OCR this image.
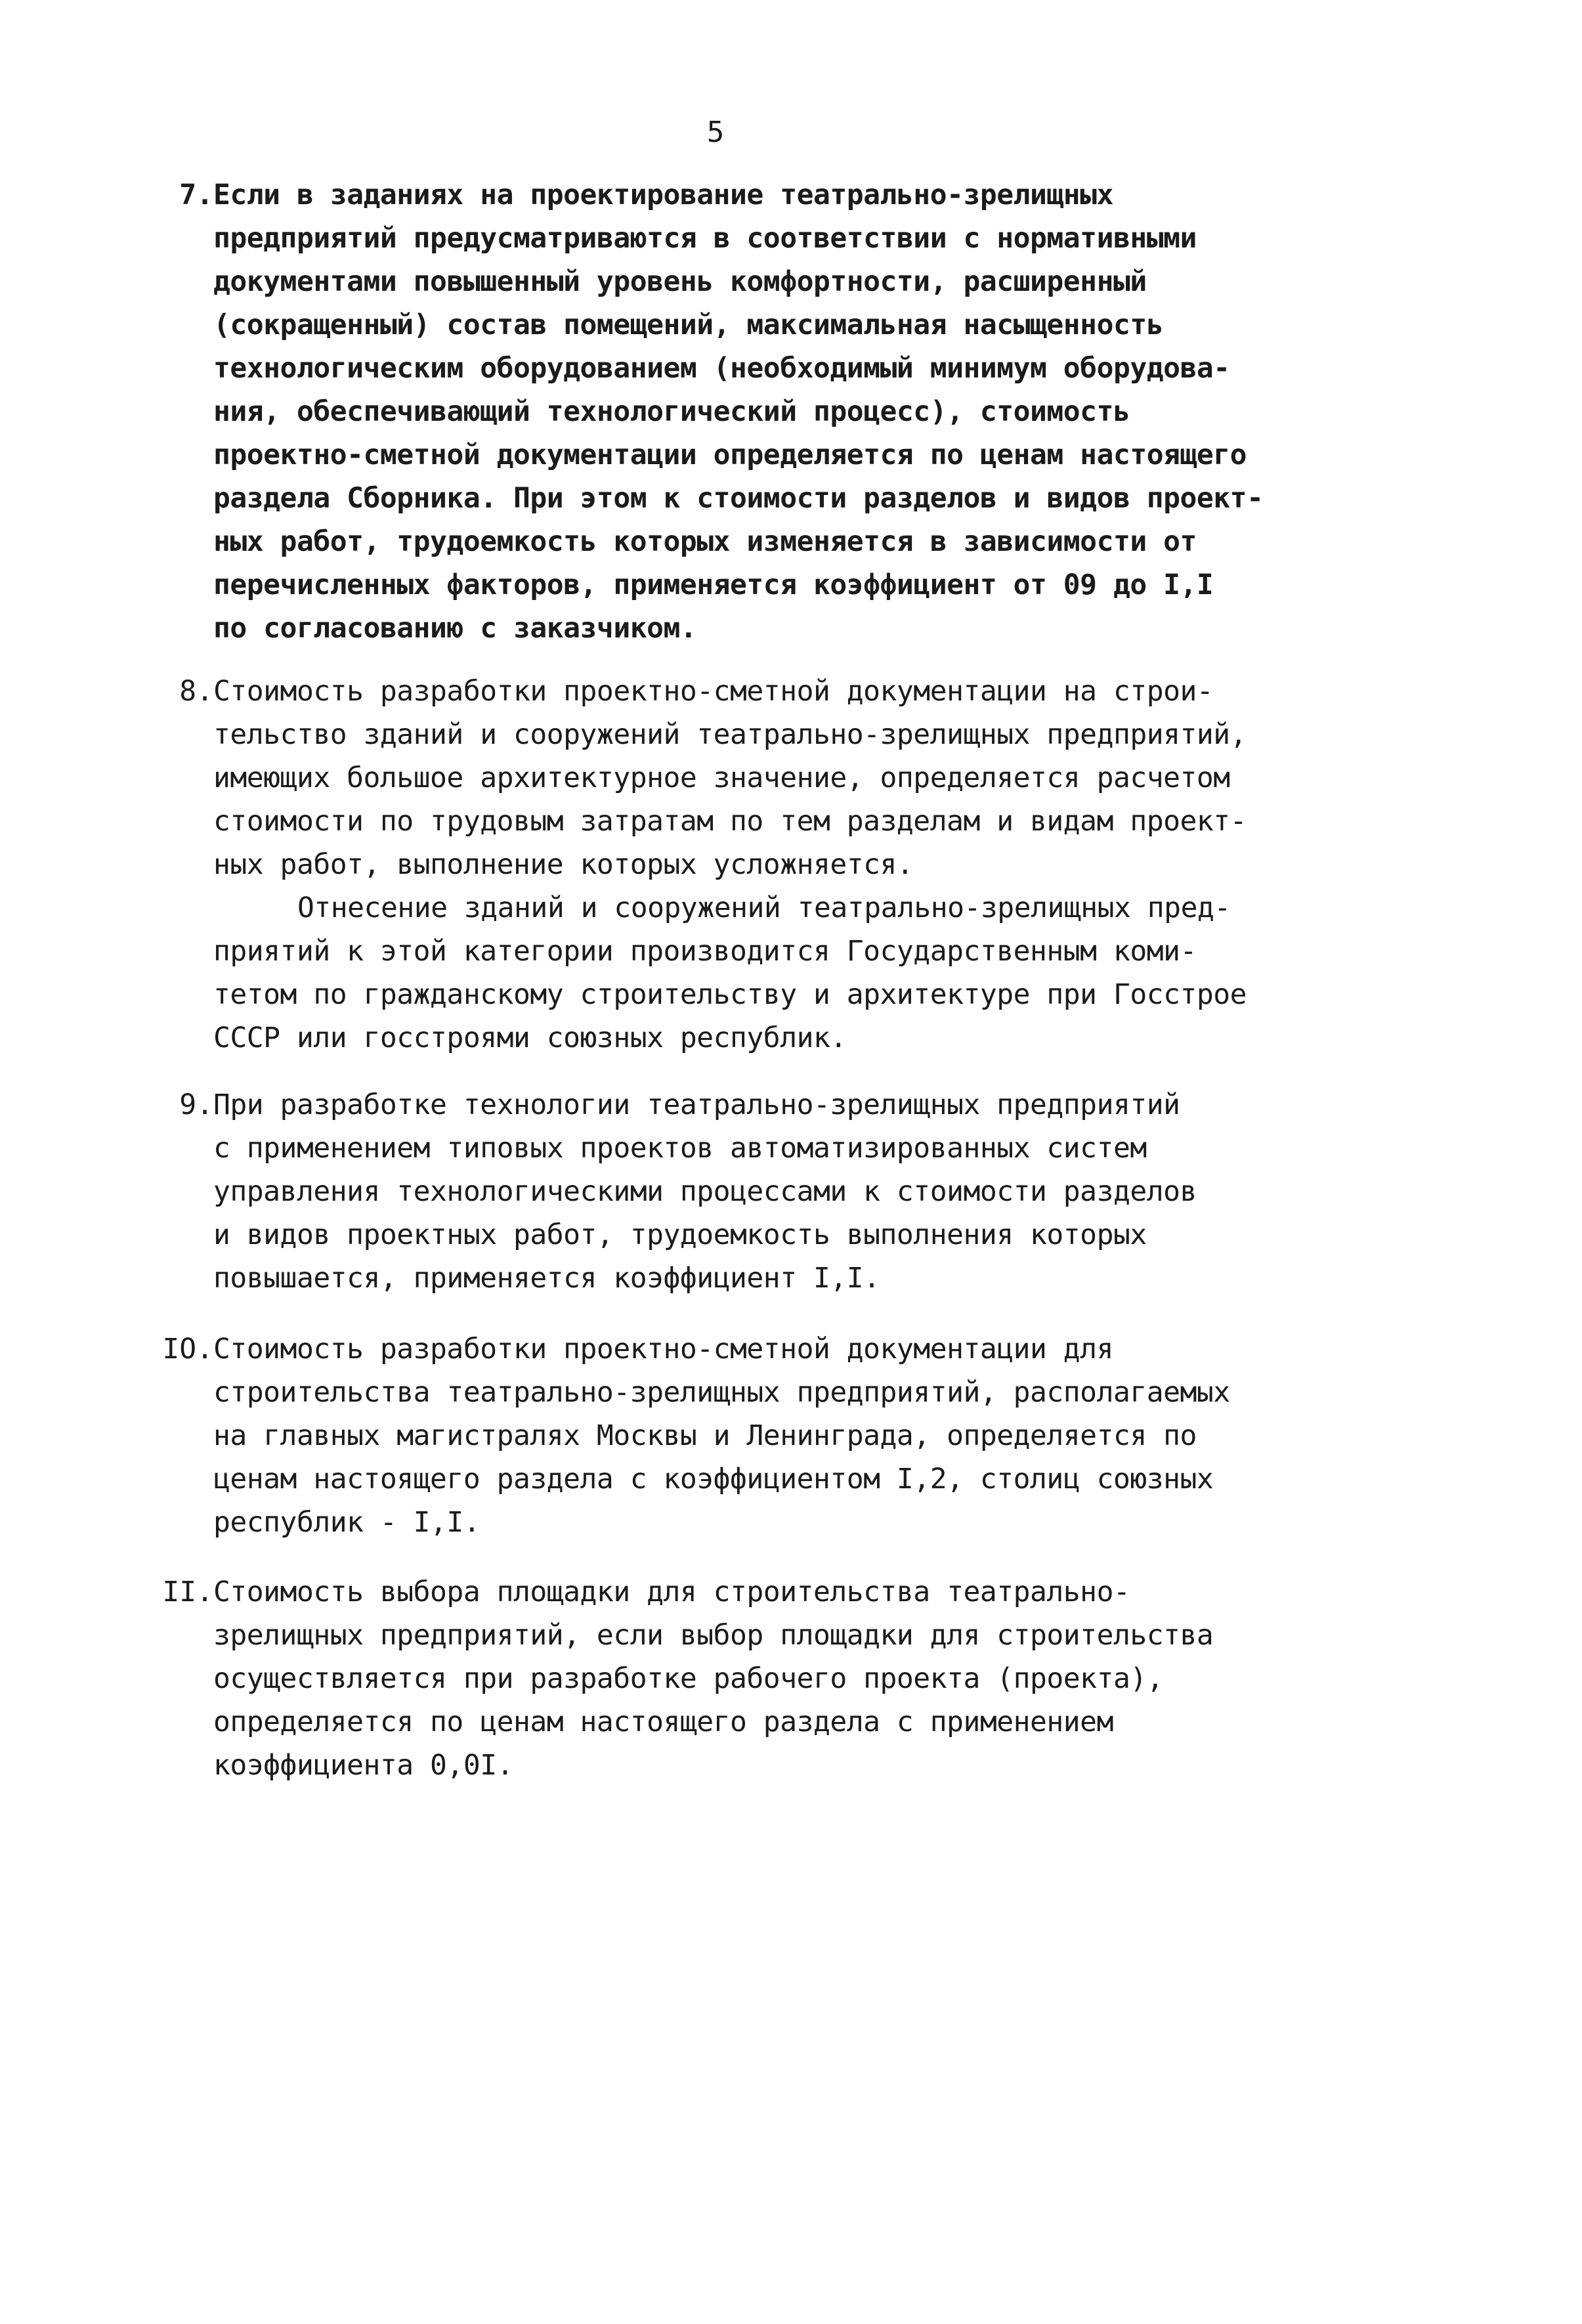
5
7. Если в заданиях на проектирование театрально-зрелищных
предприятий предусматриваются в соответствии с нормативными
документами повышенный уровень комфортности, расширенный
(сокращенный) состав помещений, максимальная насыщенность
технологическим оборудованием (необходимый минимум оборудова-
ния, обеспечивающий технологический процесс), стоимость
проектно-сметной документации определяется по ценам настоящего
раздела Сборника. При этом к стоимости разделов и видов проект-
ных работ, трудоемкость которых изменяется в зависимости от
перечисленных факторов, применяется коэффициент от 09 до I,I
по согласованию с заказчиком.
8. Стоимость разработки проектно-сметной документации на строи-
тельство зданий и сооружений театрально-зрелищных предприятий,
имеющих большое архитектурное значение, определяется расчетом
стоимости по трудовым затратам по тем разделам и видам проект-
ных работ, выполнение которых усложняется.
Отнесение зданий и сооружений театрально-зрелищных пред-
приятий к этой категории производится Государственным коми-
тетом по гражданскому строительству и архитектуре при Госстрое
СССР или госстроями союзных республик.
9. При разработке технологии театрально-зрелищных предприятий
с применением типовых проектов автоматизированных систем
управления технологическими процессами к стоимости разделов
и видов проектных работ, трудоемкость выполнения которых
повышается, применяется коэффициент I,I.
IO. Стоимость разработки проектно-сметной документации для
строительства театрально-зрелищных предприятий, располагаемых
на главных магистралях Москвы и Ленинграда, определяется по
ценам настоящего раздела с коэффициентом I,2, столиц союзных
республик - I,I.
II. Стоимость выбора площадки для строительства театрально-
зрелищных предприятий, если выбор площадки для строительства
осуществляется при разработке рабочего проекта (проекта),
определяется по ценам настоящего раздела с применением
коэффициента 0,0I.
